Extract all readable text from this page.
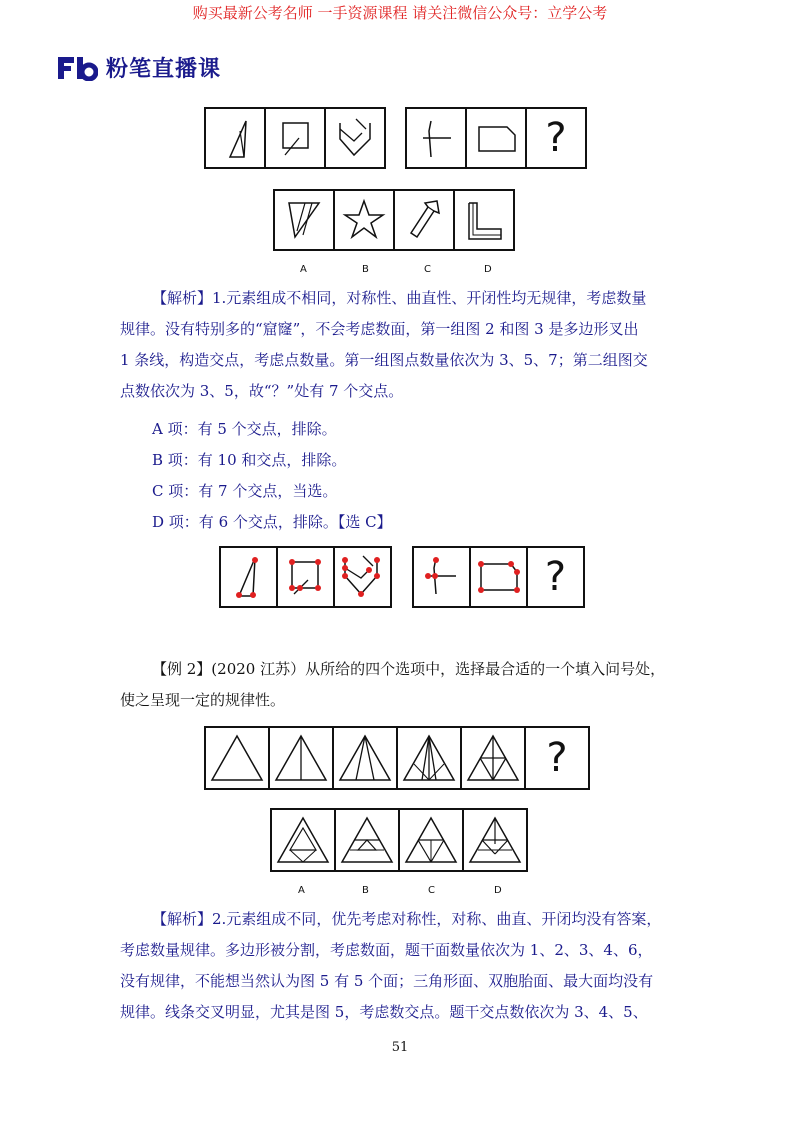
购买最新公考名师 一手资源课程 请关注微信公众号：立学公考
粉笔直播课
?
A	B	C	D
【解析】1.元素组成不相同，对称性、曲直性、开闭性均无规律，考虑数量
规律。没有特别多的“窟窿”，不会考虑数面，第一组图 2 和图 3 是多边形叉出
1 条线，构造交点，考虑点数量。第一组图点数量依次为 3、5、7；第二组图交
点数依次为 3、5，故“？”处有 7 个交点。
A 项：有 5 个交点，排除。
B 项：有 10 和交点，排除。
C 项：有 7 个交点，当选。
D 项：有 6 个交点，排除。【选 C】
?
【例 2】(2020 江苏）从所给的四个选项中，选择最合适的一个填入问号处，
使之呈现一定的规律性。
?
A	B	C	D
【解析】2.元素组成不同，优先考虑对称性，对称、曲直、开闭均没有答案，
考虑数量规律。多边形被分割，考虑数面，题干面数量依次为 1、2、3、4、6，
没有规律，不能想当然认为图 5 有 5 个面；三角形面、双胞胎面、最大面均没有
规律。线条交叉明显，尤其是图 5，考虑数交点。题干交点数依次为 3、4、5、
51
